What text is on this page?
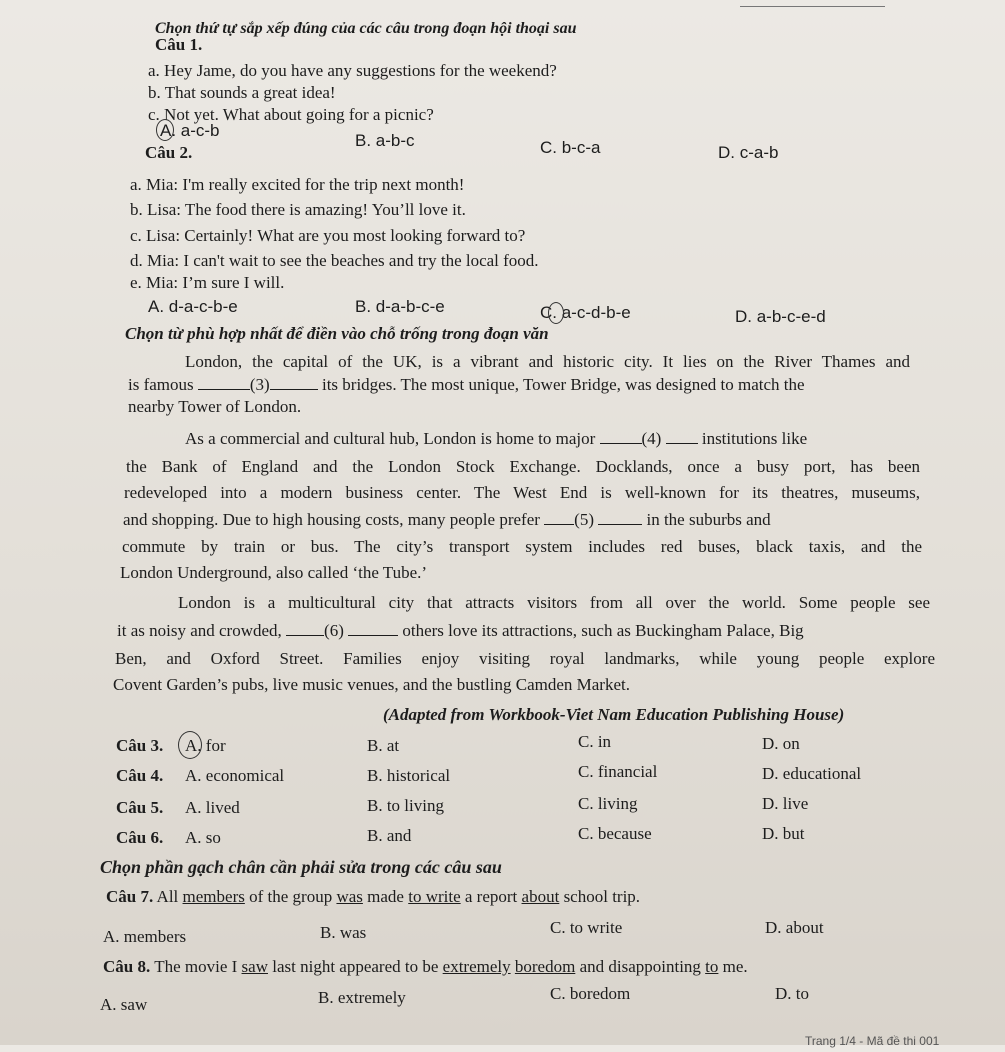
Chọn thứ tự sắp xếp đúng của các câu trong đoạn hội thoại sau
Câu 1.
a. Hey Jame, do you have any suggestions for the weekend?
b. That sounds a great idea!
c. Not yet. What about going for a picnic?
A. a-c-b
B. a-b-c	C. b-c-a	D. c-a-b
Câu 2.
a. Mia: I'm really excited for the trip next month!
b. Lisa: The food there is amazing! You’ll love it.
c. Lisa: Certainly! What are you most looking forward to?
d. Mia: I can't wait to see the beaches and try the local food.
e. Mia: I’m sure I will.
A. d-a-c-b-e	B. d-a-b-c-e	C. a-c-d-b-e	D. a-b-c-e-d
Chọn từ phù hợp nhất để điền vào chỗ trống trong đoạn văn
London, the capital of the UK, is a vibrant and historic city. It lies on the River Thames and
is famous	(3)	its bridges. The most unique, Tower Bridge, was designed to match the
nearby Tower of London.
As a commercial and cultural hub, London is home to major	(4) institutions like
the Bank of England and the London Stock Exchange. Docklands, once a busy port, has been
redeveloped into a modern business center. The West End is well-known for its theatres, museums,
and shopping. Due to high housing costs, many people prefer (5)	in the suburbs and
commute by train or bus. The city’s transport system includes red buses, black taxis, and the
London Underground, also called ‘the Tube.’
London is a multicultural city that attracts visitors from all over the world. Some people see
it as noisy and crowded, (6)	others love its attractions, such as Buckingham Palace, Big
Ben, and Oxford Street. Families enjoy visiting royal landmarks, while young people explore
Covent Garden’s pubs, live music venues, and the bustling Camden Market.
(Adapted from Workbook-Viet Nam Education Publishing House)
Câu 3. A. for	B. at	C. in	D. on
Câu 4. A. economical	B. historical	C. financial	D. educational
Câu 5. A. lived	B. to living	C. living	D. live
Câu 6. A. so	B. and	C. because	D. but
Chọn phần gạch chân cần phải sửa trong các câu sau
Câu 7. All members of the group was made to write a report about school trip.
A. members	B. was	C. to write	D. about
Câu 8. The movie I saw last night appeared to be extremely boredom and disappointing to me.
A. saw	B. extremely	C. boredom	D. to
Trang 1/4 - Mã đề thi 001
